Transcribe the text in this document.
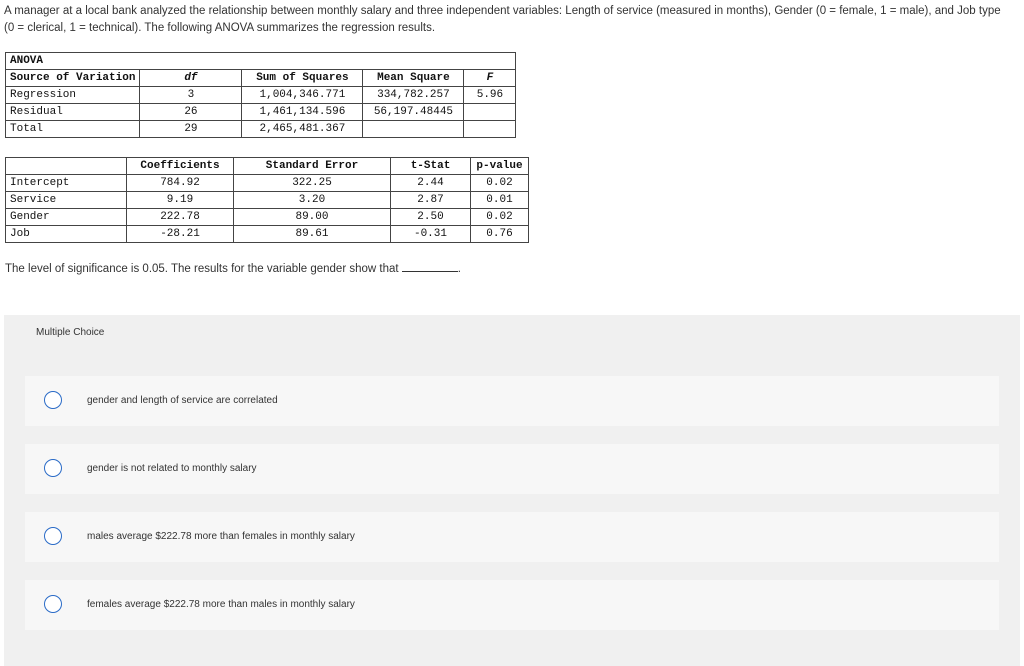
A manager at a local bank analyzed the relationship between monthly salary and three independent variables: Length of service (measured in months), Gender (0 = female, 1 = male), and Job type (0 = clerical, 1 = technical). The following ANOVA summarizes the regression results.
ANOVA				
Source of Variation	df	Sum of Squares	Mean Square	F
Regression	3	1,004,346.771	334,782.257	5.96
Residual	26	1,461,134.596	56,197.48445	
Total	29	2,465,481.367		
	Coefficients	Standard Error	t-Stat	p-value
Intercept	784.92	322.25	2.44	0.02
Service	9.19	3.20	2.87	0.01
Gender	222.78	89.00	2.50	0.02
Job	-28.21	89.61	-0.31	0.76
The level of significance is 0.05. The results for the variable gender show that	.
Multiple Choice
gender and length of service are correlated
gender is not related to monthly salary
males average $222.78 more than females in monthly salary
females average $222.78 more than males in monthly salary
